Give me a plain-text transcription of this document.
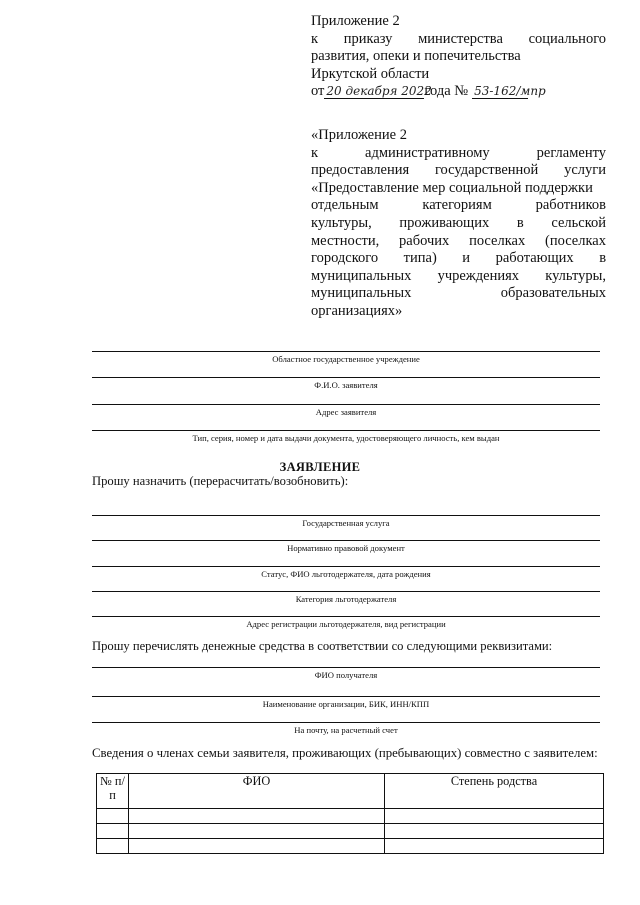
Приложение 2
к приказу министерства социального
развития, опеки и попечительства
Иркутской области
от 20 декабря 2022
года № 53-162/мпр
«Приложение 2
к	административному	регламенту
предоставления государственной услуги
«Предоставление мер социальной поддержки
отдельным	категориям	работников
культуры, проживающих в сельской
местности, рабочих поселках (поселках
городского типа) и работающих в
муниципальных учреждениях культуры,
муниципальных	образовательных
организациях»
Областное государственное учреждение
Ф.И.О. заявителя
Адрес заявителя
Тип, серия, номер и дата выдачи документа, удостоверяющего личность, кем выдан
ЗАЯВЛЕНИЕ
Прошу назначить (перерасчитать/возобновить):
Государственная услуга
Нормативно правовой документ
Статус, ФИО льготодержателя, дата рождения
Категория льготодержателя
Адрес регистрации льготодержателя, вид регистрации
Прошу перечислять денежные средства в соответствии со следующими реквизитами:
ФИО получателя
Наименование организации, БИК, ИНН/КПП
На почту, на расчетный счет
Сведения о членах семьи заявителя, проживающих (пребывающих) совместно с заявителем:
№ п/п	ФИО	Степень родства
